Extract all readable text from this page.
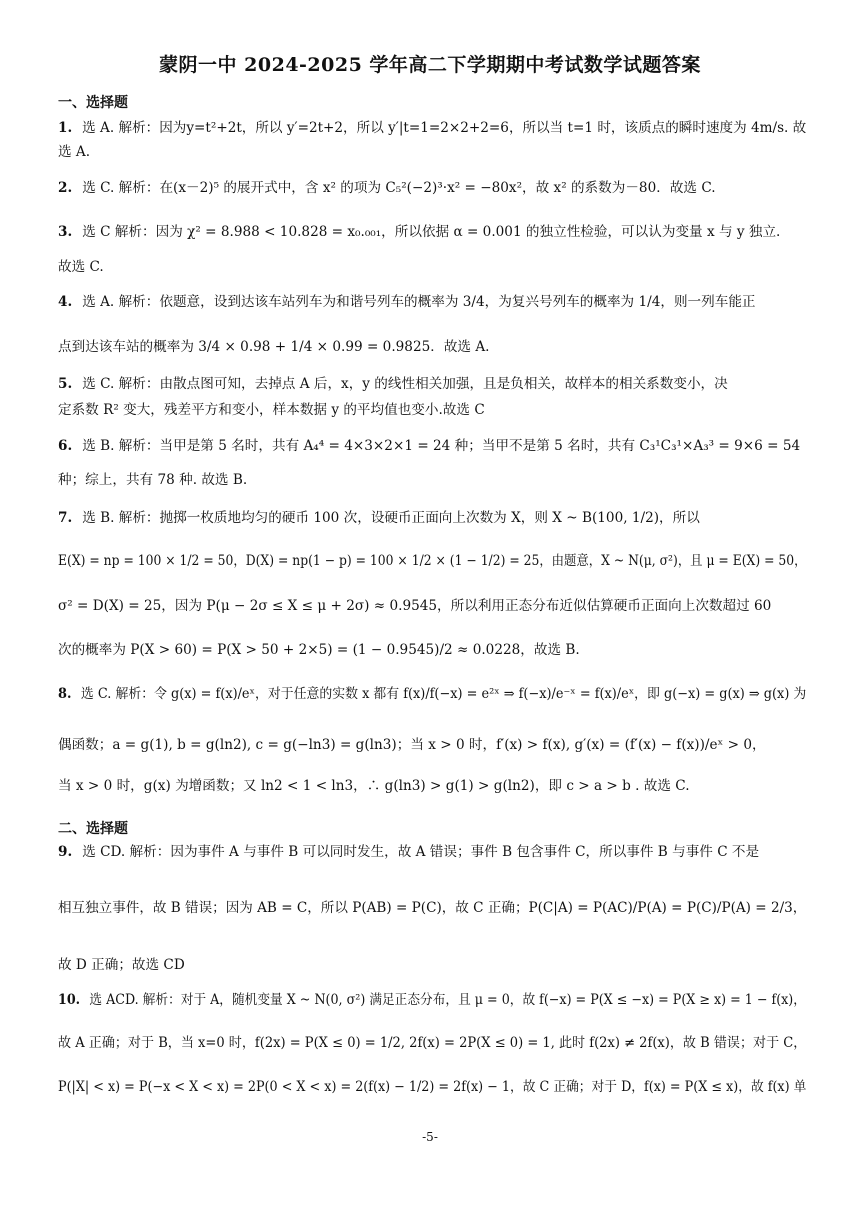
蒙阴一中 2024-2025 学年高二下学期期中考试数学试题答案
一、选择题
1. 选 A. 解析：因为y=t²+2t，所以 y′=2t+2，所以 y′|t=1=2×2+2=6，所以当 t=1 时，该质点的瞬时速度为 4m/s. 故
选 A.
2. 选 C. 解析：在(x－2)⁵ 的展开式中，含 x² 的项为 C₅²(−2)³·x² = −80x²，故 x² 的系数为－80．故选 C.
3. 选 C 解析：因为 χ² = 8.988 < 10.828 = x₀.₀₀₁，所以依据 α = 0.001 的独立性检验，可以认为变量 x 与 y 独立.
故选 C.
4. 选 A. 解析：依题意，设到达该车站列车为和谐号列车的概率为 3/4，为复兴号列车的概率为 1/4，则一列车能正
点到达该车站的概率为 3/4 × 0.98 + 1/4 × 0.99 = 0.9825．故选 A.
5. 选 C. 解析：由散点图可知，去掉点 A 后，x，y 的线性相关加强，且是负相关，故样本的相关系数变小，决
定系数 R² 变大，残差平方和变小，样本数据 y 的平均值也变小.故选 C
6. 选 B. 解析：当甲是第 5 名时，共有 A₄⁴ = 4×3×2×1 = 24 种；当甲不是第 5 名时，共有 C₃¹C₃¹×A₃³ = 9×6 = 54
种；综上，共有 78 种. 故选 B.
7. 选 B. 解析：抛掷一枚质地均匀的硬币 100 次，设硬币正面向上次数为 X，则 X ~ B(100, 1/2)，所以
E(X) = np = 100 × 1/2 = 50，D(X) = np(1 − p) = 100 × 1/2 × (1 − 1/2) = 25，由题意，X ~ N(μ, σ²)，且 μ = E(X) = 50，
σ² = D(X) = 25，因为 P(μ − 2σ ≤ X ≤ μ + 2σ) ≈ 0.9545，所以利用正态分布近似估算硬币正面向上次数超过 60
次的概率为 P(X > 60) = P(X > 50 + 2×5) = (1 − 0.9545)/2 ≈ 0.0228，故选 B.
8. 选 C. 解析：令 g(x) = f(x)/eˣ，对于任意的实数 x 都有 f(x)/f(−x) = e²ˣ ⇒ f(−x)/e⁻ˣ = f(x)/eˣ，即 g(−x) = g(x) ⇒ g(x) 为
偶函数；a = g(1), b = g(ln2), c = g(−ln3) = g(ln3)；当 x > 0 时，f′(x) > f(x), g′(x) = (f′(x) − f(x))/eˣ > 0，
当 x > 0 时，g(x) 为增函数；又 ln2 < 1 < ln3，∴ g(ln3) > g(1) > g(ln2)，即 c > a > b . 故选 C.
二、选择题
9. 选 CD. 解析：因为事件 A 与事件 B 可以同时发生，故 A 错误；事件 B 包含事件 C，所以事件 B 与事件 C 不是
相互独立事件，故 B 错误；因为 AB = C，所以 P(AB) = P(C)，故 C 正确；P(C|A) = P(AC)/P(A) = P(C)/P(A) = 2/3，
故 D 正确；故选 CD
10. 选 ACD. 解析：对于 A，随机变量 X ~ N(0, σ²) 满足正态分布，且 μ = 0，故 f(−x) = P(X ≤ −x) = P(X ≥ x) = 1 − f(x)，
故 A 正确；对于 B，当 x=0 时，f(2x) = P(X ≤ 0) = 1/2, 2f(x) = 2P(X ≤ 0) = 1, 此时 f(2x) ≠ 2f(x)，故 B 错误；对于 C，
P(|X| < x) = P(−x < X < x) = 2P(0 < X < x) = 2(f(x) − 1/2) = 2f(x) − 1，故 C 正确；对于 D，f(x) = P(X ≤ x)，故 f(x) 单
-5-
